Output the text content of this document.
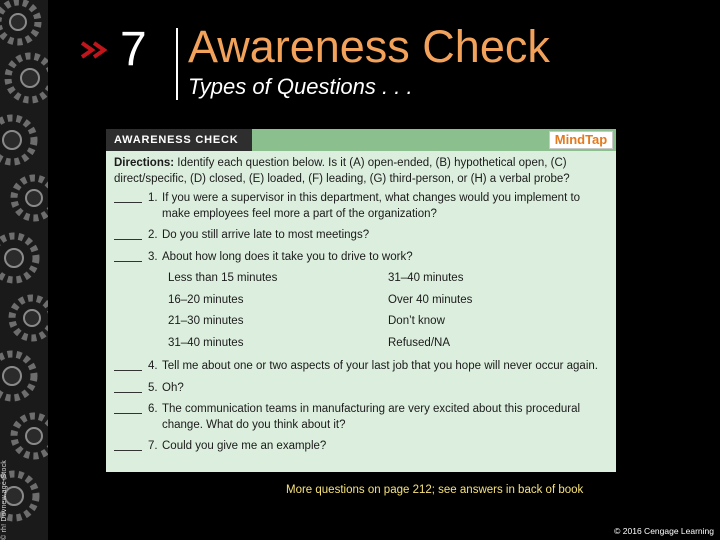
© rh! Dovnew.age-Stock
7 Awareness Check
Types of Questions . . .
AWARENESS CHECK	MindTap
Directions: Identify each question below. Is it (A) open-ended, (B) hypothetical open, (C) direct/specific, (D) closed, (E) loaded, (F) leading, (G) third-person, or (H) a verbal probe?
1. If you were a supervisor in this department, what changes would you implement to make employees feel more a part of the organization?
2. Do you still arrive late to most meetings?
3. About how long does it take you to drive to work?
Less than 15 minutes	31–40 minutes
16–20 minutes	Over 40 minutes
21–30 minutes	Don’t know
31–40 minutes	Refused/NA
4. Tell me about one or two aspects of your last job that you hope will never occur again.
5. Oh?
6. The communication teams in manufacturing are very excited about this procedural change. What do you think about it?
7. Could you give me an example?
More questions on page 212; see answers in back of book
© 2016 Cengage Learning
